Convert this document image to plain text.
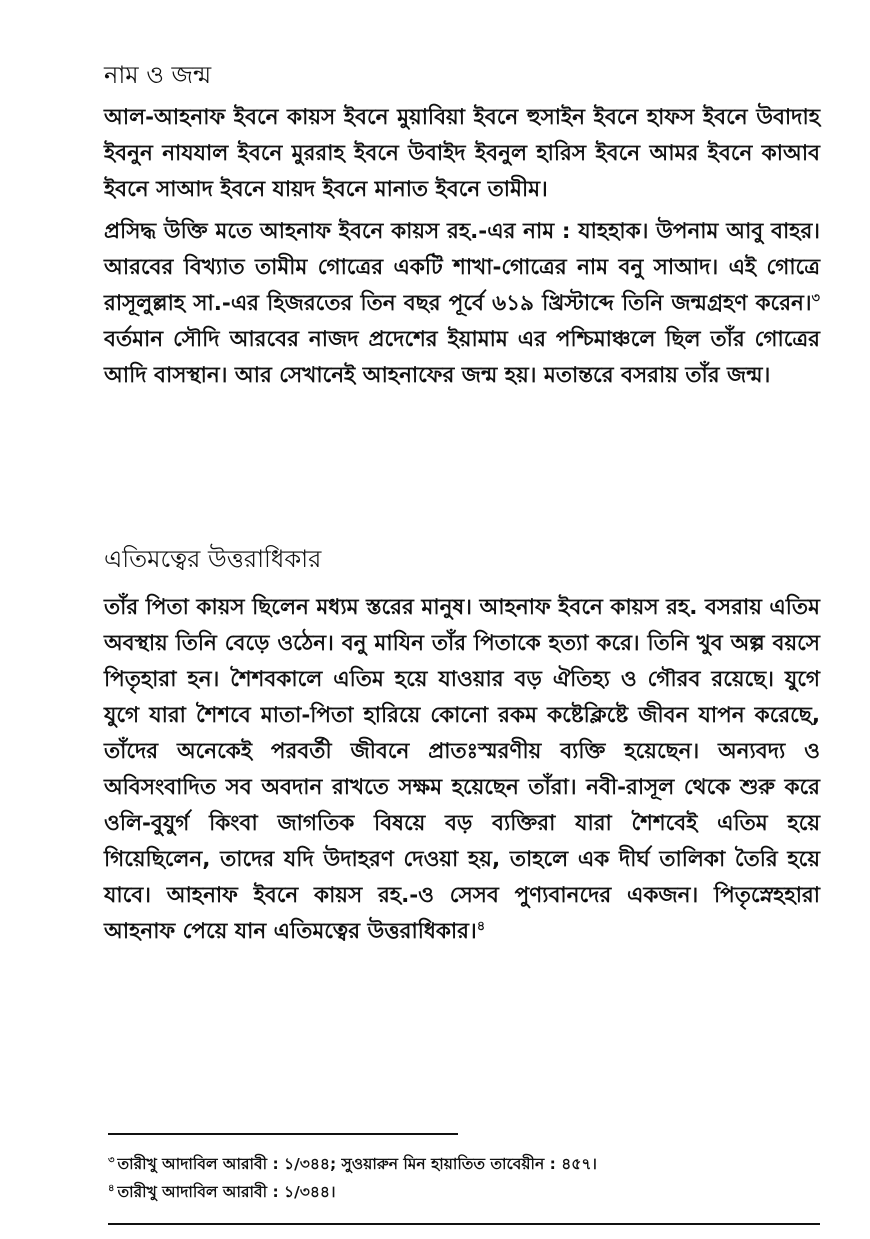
নাম ও জন্ম

আল-আহনাফ ইবনে কায়স ইবনে মুয়াবিয়া ইবনে হুসাইন ইবনে হাফস ইবনে উবাদাহ ইবনুন নাযযাল ইবনে মুররাহ ইবনে উবাইদ ইবনুল হারিস ইবনে আমর ইবনে কাআব ইবনে সাআদ ইবনে যায়দ ইবনে মানাত ইবনে তামীম।

প্রসিদ্ধ উক্তি মতে আহনাফ ইবনে কায়স রহ.-এর নাম : যাহহাক। উপনাম আবু বাহর। আরবের বিখ্যাত তামীম গোত্রের একটি শাখা-গোত্রের নাম বনু সাআদ। এই গোত্রে রাসূলুল্লাহ সা.-এর হিজরতের তিন বছর পূর্বে ৬১৯ খ্রিস্টাব্দে তিনি জন্মগ্রহণ করেন।$^৩$ বর্তমান সৌদি আরবের নাজদ প্রদেশের ইয়ামাম এর পশ্চিমাঞ্চলে ছিল তাঁর গোত্রের আদি বাসস্থান। আর সেখানেই আহনাফের জন্ম হয়। মতান্তরে বসরায় তাঁর জন্ম।

এতিমত্বের উত্তরাধিকার

তাঁর পিতা কায়স ছিলেন মধ্যম স্তরের মানুষ। আহনাফ ইবনে কায়স রহ. বসরায় এতিম অবস্থায় তিনি বেড়ে ওঠেন। বনু মাযিন তাঁর পিতাকে হত্যা করে। তিনি খুব অল্প বয়সে পিতৃহারা হন। শৈশবকালে এতিম হয়ে যাওয়ার বড় ঐতিহ্য ও গৌরব রয়েছে। যুগে যুগে যারা শৈশবে মাতা-পিতা হারিয়ে কোনো রকম কষ্টেক্লিষ্টে জীবন যাপন করেছে, তাঁদের অনেকেই পরবর্তী জীবনে প্রাতঃস্মরণীয় ব্যক্তি হয়েছেন। অন্যবদ্য ও অবিসংবাদিত সব অবদান রাখতে সক্ষম হয়েছেন তাঁরা। নবী-রাসূল থেকে শুরু করে ওলি-বুযুর্গ কিংবা জাগতিক বিষয়ে বড় ব্যক্তিরা যারা শৈশবেই এতিম হয়ে গিয়েছিলেন, তাদের যদি উদাহরণ দেওয়া হয়, তাহলে এক দীর্ঘ তালিকা তৈরি হয়ে যাবে। আহনাফ ইবনে কায়স রহ.-ও সেসব পুণ্যবানদের একজন। পিতৃস্নেহহারা আহনাফ পেয়ে যান এতিমত্বের উত্তরাধিকার।$^৪$

$^৩$ তারীখু আদাবিল আরাবী : ১/৩৪৪; সুওয়ারুন মিন হায়াতিত তাবেয়ীন : ৪৫৭।

$^৪$ তারীখু আদাবিল আরাবী : ১/৩৪৪।
